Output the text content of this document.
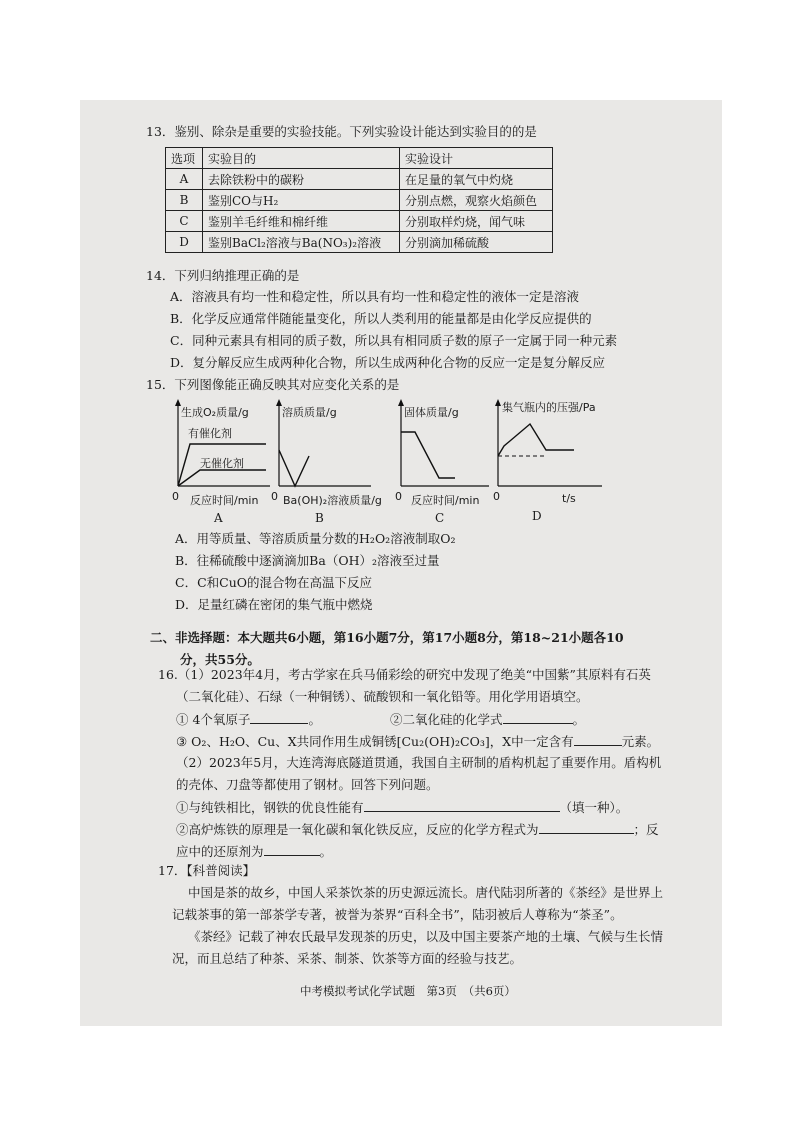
13．鉴别、除杂是重要的实验技能。下列实验设计能达到实验目的的是
选项	实验目的	实验设计
A	去除铁粉中的碳粉	在足量的氧气中灼烧
B	鉴别CO与H₂	分别点燃，观察火焰颜色
C	鉴别羊毛纤维和棉纤维	分别取样灼烧，闻气味
D	鉴别BaCl₂溶液与Ba(NO₃)₂溶液	分别滴加稀硫酸
14．下列归纳推理正确的是
A．溶液具有均一性和稳定性，所以具有均一性和稳定性的液体一定是溶液
B．化学反应通常伴随能量变化，所以人类利用的能量都是由化学反应提供的
C．同种元素具有相同的质子数，所以具有相同质子数的原子一定属于同一种元素
D．复分解反应生成两种化合物，所以生成两种化合物的反应一定是复分解反应
15．下列图像能正确反映其对应变化关系的是
生成O₂质量/g
有催化剂
无催化剂
0 反应时间/min
A
溶质质量/g
0 Ba(OH)₂溶液质量/g
B
固体质量/g
0 反应时间/min
C
集气瓶内的压强/Pa
0	t/s
D
A．用等质量、等溶质质量分数的H₂O₂溶液制取O₂
B．往稀硫酸中逐滴滴加Ba（OH）₂溶液至过量
C．C和CuO的混合物在高温下反应
D．足量红磷在密闭的集气瓶中燃烧
二、非选择题：本大题共6小题，第16小题7分，第17小题8分，第18~21小题各10
分，共55分。
16.（1）2023年4月，考古学家在兵马俑彩绘的研究中发现了绝美“中国紫”其原料有石英
（二氧化硅）、石绿（一种铜锈）、硫酸钡和一氧化铅等。用化学用语填空。
① 4个氧原子	。	②二氧化硅的化学式	。
③ O₂、H₂O、Cu、X共同作用生成铜锈[Cu₂(OH)₂CO₃]，X中一定含有	元素。
（2）2023年5月，大连湾海底隧道贯通，我国自主研制的盾构机起了重要作用。盾构机
的壳体、刀盘等都使用了钢材。回答下列问题。
①与纯铁相比，钢铁的优良性能有	（填一种）。
②高炉炼铁的原理是一氧化碳和氧化铁反应，反应的化学方程式为	；反
应中的还原剂为	。
17．【科普阅读】
中国是茶的故乡，中国人采茶饮茶的历史源远流长。唐代陆羽所著的《茶经》是世界上
记载茶事的第一部茶学专著，被誉为茶界“百科全书”，陆羽被后人尊称为“茶圣”。
《茶经》记载了神农氏最早发现茶的历史，以及中国主要茶产地的土壤、气候与生长情
况，而且总结了种茶、采茶、制茶、饮茶等方面的经验与技艺。
中考模拟考试化学试题　第3页　（共6页）
